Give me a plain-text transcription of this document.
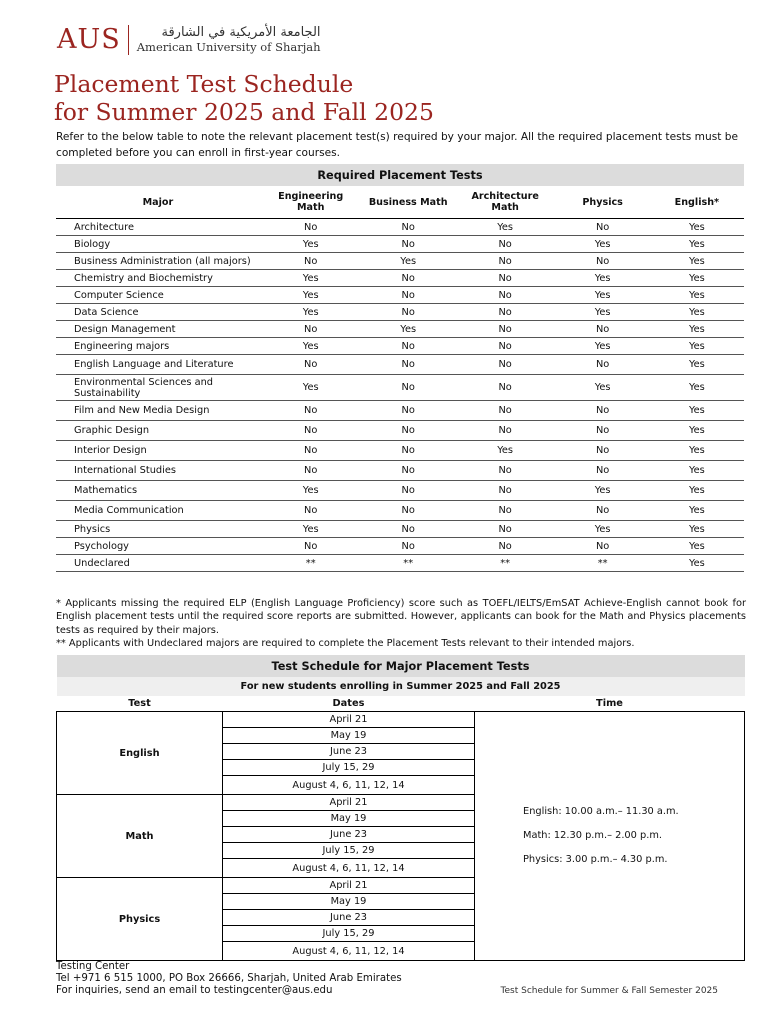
AUS	الجامعة الأمريكية في الشارقة
American University of Sharjah
Placement Test Schedule
for Summer 2025 and Fall 2025

Refer to the below table to note the relevant placement test(s) required by your major. All the required placement tests must be completed before you can enroll in first-year courses.

Required Placement Tests					
Major	Engineering Math	Business Math	Architecture Math	Physics	English*
Architecture	No	No	Yes	No	Yes
Biology	Yes	No	No	Yes	Yes
Business Administration (all majors)	No	Yes	No	No	Yes
Chemistry and Biochemistry	Yes	No	No	Yes	Yes
Computer Science	Yes	No	No	Yes	Yes
Data Science	Yes	No	No	Yes	Yes
Design Management	No	Yes	No	No	Yes
Engineering majors	Yes	No	No	Yes	Yes
English Language and Literature	No	No	No	No	Yes
Environmental Sciences and Sustainability	Yes	No	No	Yes	Yes
Film and New Media Design	No	No	No	No	Yes
Graphic Design	No	No	No	No	Yes
Interior Design	No	No	Yes	No	Yes
International Studies	No	No	No	No	Yes
Mathematics	Yes	No	No	Yes	Yes
Media Communication	No	No	No	No	Yes
Physics	Yes	No	No	Yes	Yes
Psychology	No	No	No	No	Yes
Undeclared	**	**	**	**	Yes

* Applicants missing the required ELP (English Language Proficiency) score such as TOEFL/IELTS/EmSAT Achieve-English cannot book for English placement tests until the required score reports are submitted. However, applicants can book for the Math and Physics placements tests as required by their majors.

** Applicants with Undeclared majors are required to complete the Placement Tests relevant to their intended majors.

Test Schedule for Major Placement Tests		
For new students enrolling in Summer 2025 and Fall 2025		
Test	Dates	Time
English	April 21	English: 10.00 a.m.– 11.30 a.m.
Math: 12.30 p.m.– 2.00 p.m.
Physics: 3.00 p.m.– 4.30 p.m.

	May 19	
	June 23	
	July 15, 29	
	August 4, 6, 11, 12, 14	
Math	April 21	
	May 19	
	June 23	
	July 15, 29	
	August 4, 6, 11, 12, 14	
Physics	April 21	
	May 19	
	June 23	
	July 15, 29	
	August 4, 6, 11, 12, 14	
Testing Center
Tel +971 6 515 1000, PO Box 26666, Sharjah, United Arab Emirates
For inquiries, send an email to testingcenter@aus.edu	Test Schedule for Summer & Fall Semester 2025
